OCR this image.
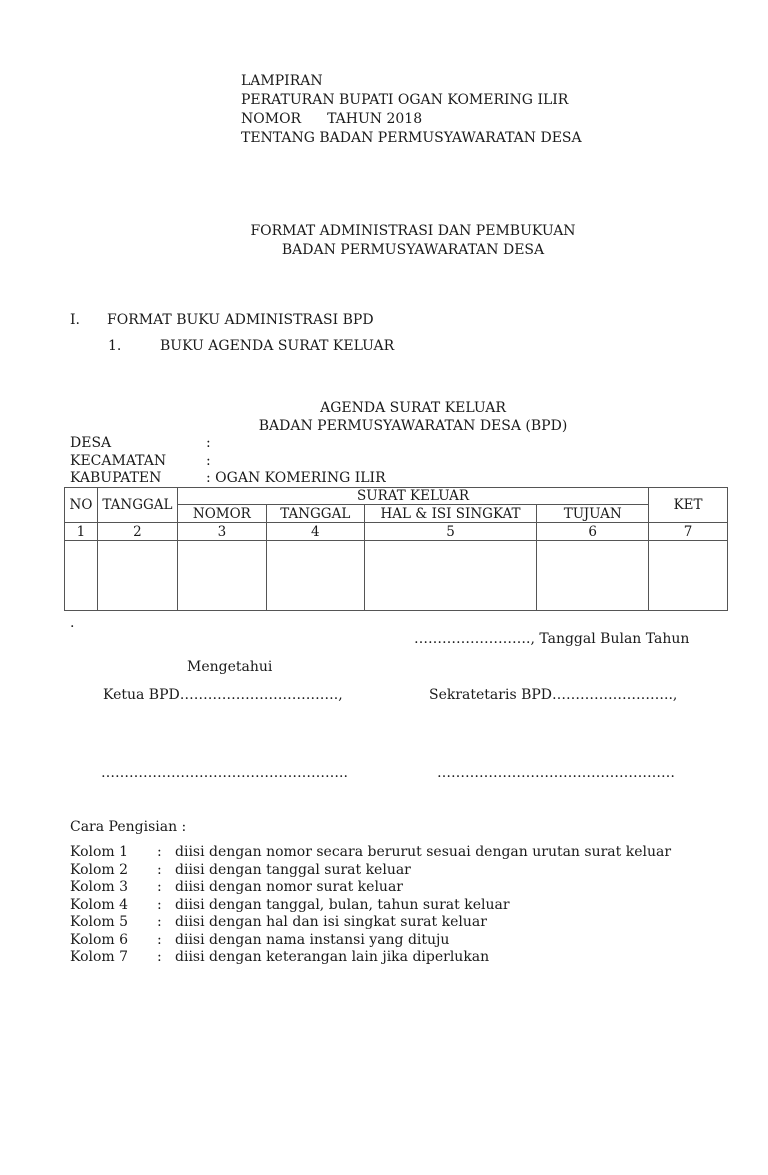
LAMPIRAN
PERATURAN BUPATI OGAN KOMERING ILIR
NOMOR TAHUN 2018
TENTANG BADAN PERMUSYAWARATAN DESA
FORMAT ADMINISTRASI DAN PEMBUKUAN
BADAN PERMUSYAWARATAN DESA
I. FORMAT BUKU ADMINISTRASI BPD
1.	BUKU AGENDA SURAT KELUAR
AGENDA SURAT KELUAR
BADAN PERMUSYAWARATAN DESA (BPD)
DESA	:
KECAMATAN	:
KABUPATEN	: OGAN KOMERING ILIR
NO	TANGGAL	SURAT KELUAR				KET
		NOMOR	TANGGAL	HAL & ISI SINGKAT	TUJUAN	
1	2	3	4	5	6	7

.
……………………., Tanggal Bulan Tahun
Mengetahui
Ketua BPD…………………………….,	Sekratetaris BPD……………………..,
……………………………………………..	……………………………………………
Cara Pengisian :
Kolom 1 : diisi dengan nomor secara berurut sesuai dengan urutan surat keluar
Kolom 2 : diisi dengan tanggal surat keluar
Kolom 3 : diisi dengan nomor surat keluar
Kolom 4 : diisi dengan tanggal, bulan, tahun surat keluar
Kolom 5 : diisi dengan hal dan isi singkat surat keluar
Kolom 6 : diisi dengan nama instansi yang dituju
Kolom 7 : diisi dengan keterangan lain jika diperlukan
